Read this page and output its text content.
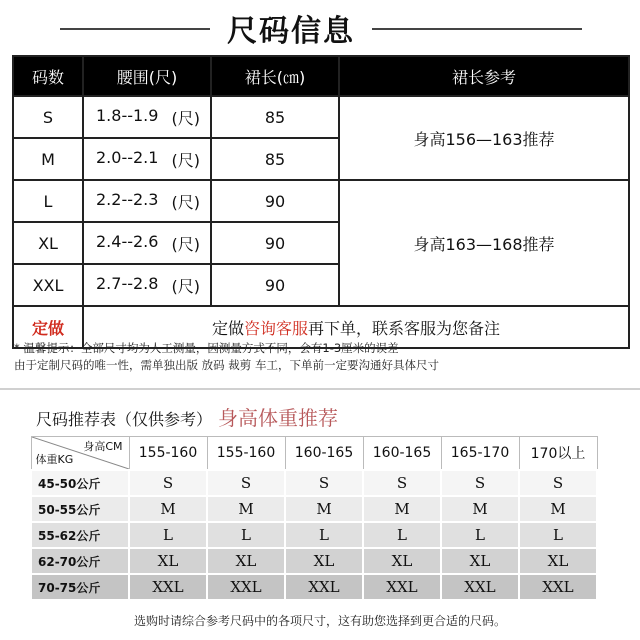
尺码信息
码数	腰围(尺)	裙长(㎝)	裙长参考
S	1.8--1.9 (尺)	85	身高156—163推荐
M	2.0--2.1 (尺)	85	
L	2.2--2.3 (尺)	90	身高163—168推荐
XL	2.4--2.6 (尺)	90	
XXL	2.7--2.8 (尺)	90	
定做	定做咨询客服再下单，联系客服为您备注		
* 温馨提示：全部尺寸均为人工测量，因测量方式不同，会有1-3厘米的误差
由于定制尺码的唯一性，需单独出版 放码 裁剪 车工，下单前一定要沟通好具体尺寸
尺码推荐表（仅供参考） 身高体重推荐
身高CM
体重KG	155-160	155-160	160-165	160-165	165-170	170以上
45-50公斤	S	S	S	S	S	S
50-55公斤	M	M	M	M	M	M
55-62公斤	L	L	L	L	L	L
62-70公斤	XL	XL	XL	XL	XL	XL
70-75公斤	XXL	XXL	XXL	XXL	XXL	XXL
选购时请综合参考尺码中的各项尺寸，这有助您选择到更合适的尺码。
